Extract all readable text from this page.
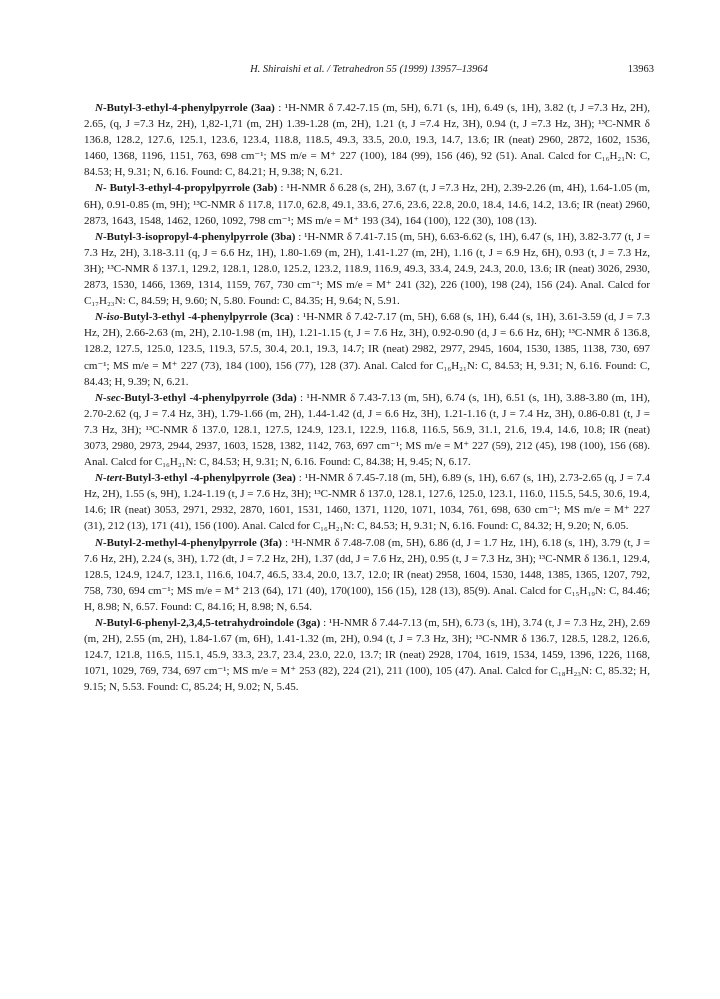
H. Shiraishi et al. / Tetrahedron 55 (1999) 13957–13964	13963

N-Butyl-3-ethyl-4-phenylpyrrole (3aa) : ¹H-NMR δ 7.42-7.15 (m, 5H), 6.71 (s, 1H), 6.49 (s, 1H), 3.82 (t, J =7.3 Hz, 2H), 2.65, (q, J =7.3 Hz, 2H), 1,82-1,71 (m, 2H) 1.39-1.28 (m, 2H), 1.21 (t, J =7.4 Hz, 3H), 0.94 (t, J =7.3 Hz, 3H); ¹³C-NMR δ 136.8, 128.2, 127.6, 125.1, 123.6, 123.4, 118.8, 118.5, 49.3, 33.5, 20.0, 19.3, 14.7, 13.6; IR (neat) 2960, 2872, 1602, 1536, 1460, 1368, 1196, 1151, 763, 698 cm⁻¹; MS m/e = M⁺ 227 (100), 184 (99), 156 (46), 92 (51). Anal. Calcd for C₁₆H₂₁N: C, 84.53; H, 9.31; N, 6.16. Found: C, 84.21; H, 9.38; N, 6.21.

N- Butyl-3-ethyl-4-propylpyrrole (3ab) : ¹H-NMR δ 6.28 (s, 2H), 3.67 (t, J =7.3 Hz, 2H), 2.39-2.26 (m, 4H), 1.64-1.05 (m, 6H), 0.91-0.85 (m, 9H); ¹³C-NMR δ 117.8, 117.0, 62.8, 49.1, 33.6, 27.6, 23.6, 22.8, 20.0, 18.4, 14.6, 14.2, 13.6; IR (neat) 2960, 2873, 1643, 1548, 1462, 1260, 1092, 798 cm⁻¹; MS m/e = M⁺ 193 (34), 164 (100), 122 (30), 108 (13).

N-Butyl-3-isopropyl-4-phenylpyrrole (3ba) : ¹H-NMR δ 7.41-7.15 (m, 5H), 6.63-6.62 (s, 1H), 6.47 (s, 1H), 3.82-3.77 (t, J = 7.3 Hz, 2H), 3.18-3.11 (q, J = 6.6 Hz, 1H), 1.80-1.69 (m, 2H), 1.41-1.27 (m, 2H), 1.16 (t, J = 6.9 Hz, 6H), 0.93 (t, J = 7.3 Hz, 3H); ¹³C-NMR δ 137.1, 129.2, 128.1, 128.0, 125.2, 123.2, 118.9, 116.9, 49.3, 33.4, 24.9, 24.3, 20.0, 13.6; IR (neat) 3026, 2930, 2873, 1530, 1466, 1369, 1314, 1159, 767, 730 cm⁻¹; MS m/e = M⁺ 241 (32), 226 (100), 198 (24), 156 (24). Anal. Calcd for C₁₇H₂₃N: C, 84.59; H, 9.60; N, 5.80. Found: C, 84.35; H, 9.64; N, 5.91.

N-iso-Butyl-3-ethyl -4-phenylpyrrole (3ca) : ¹H-NMR δ 7.42-7.17 (m, 5H), 6.68 (s, 1H), 6.44 (s, 1H), 3.61-3.59 (d, J = 7.3 Hz, 2H), 2.66-2.63 (m, 2H), 2.10-1.98 (m, 1H), 1.21-1.15 (t, J = 7.6 Hz, 3H), 0.92-0.90 (d, J = 6.6 Hz, 6H); ¹³C-NMR δ 136.8, 128.2, 127.5, 125.0, 123.5, 119.3, 57.5, 30.4, 20.1, 19.3, 14.7; IR (neat) 2982, 2977, 2945, 1604, 1530, 1385, 1138, 730, 697 cm⁻¹; MS m/e = M⁺ 227 (73), 184 (100), 156 (77), 128 (37). Anal. Calcd for C₁₆H₂₁N: C, 84.53; H, 9.31; N, 6.16. Found: C, 84.43; H, 9.39; N, 6.21.

N-sec-Butyl-3-ethyl -4-phenylpyrrole (3da) : ¹H-NMR δ 7.43-7.13 (m, 5H), 6.74 (s, 1H), 6.51 (s, 1H), 3.88-3.80 (m, 1H), 2.70-2.62 (q, J = 7.4 Hz, 3H), 1.79-1.66 (m, 2H), 1.44-1.42 (d, J = 6.6 Hz, 3H), 1.21-1.16 (t, J = 7.4 Hz, 3H), 0.86-0.81 (t, J = 7.3 Hz, 3H); ¹³C-NMR δ 137.0, 128.1, 127.5, 124.9, 123.1, 122.9, 116.8, 116.5, 56.9, 31.1, 21.6, 19.4, 14.6, 10.8; IR (neat) 3073, 2980, 2973, 2944, 2937, 1603, 1528, 1382, 1142, 763, 697 cm⁻¹; MS m/e = M⁺ 227 (59), 212 (45), 198 (100), 156 (68). Anal. Calcd for C₁₆H₂₁N: C, 84.53; H, 9.31; N, 6.16. Found: C, 84.38; H, 9.45; N, 6.17.

N-tert-Butyl-3-ethyl -4-phenylpyrrole (3ea) : ¹H-NMR δ 7.45-7.18 (m, 5H), 6.89 (s, 1H), 6.67 (s, 1H), 2.73-2.65 (q, J = 7.4 Hz, 2H), 1.55 (s, 9H), 1.24-1.19 (t, J = 7.6 Hz, 3H); ¹³C-NMR δ 137.0, 128.1, 127.6, 125.0, 123.1, 116.0, 115.5, 54.5, 30.6, 19.4, 14.6; IR (neat) 3053, 2971, 2932, 2870, 1601, 1531, 1460, 1371, 1120, 1071, 1034, 761, 698, 630 cm⁻¹; MS m/e = M⁺ 227 (31), 212 (13), 171 (41), 156 (100). Anal. Calcd for C₁₆H₂₁N: C, 84.53; H, 9.31; N, 6.16. Found: C, 84.32; H, 9.20; N, 6.05.

N-Butyl-2-methyl-4-phenylpyrrole (3fa) : ¹H-NMR δ 7.48-7.08 (m, 5H), 6.86 (d, J = 1.7 Hz, 1H), 6.18 (s, 1H), 3.79 (t, J = 7.6 Hz, 2H), 2.24 (s, 3H), 1.72 (dt, J = 7.2 Hz, 2H), 1.37 (dd, J = 7.6 Hz, 2H), 0.95 (t, J = 7.3 Hz, 3H); ¹³C-NMR δ 136.1, 129.4, 128.5, 124.9, 124.7, 123.1, 116.6, 104.7, 46.5, 33.4, 20.0, 13.7, 12.0; IR (neat) 2958, 1604, 1530, 1448, 1385, 1365, 1207, 792, 758, 730, 694 cm⁻¹; MS m/e = M⁺ 213 (64), 171 (40), 170(100), 156 (15), 128 (13), 85(9). Anal. Calcd for C₁₅H₁₉N: C, 84.46; H, 8.98; N, 6.57. Found: C, 84.16; H, 8.98; N, 6.54.

N-Butyl-6-phenyl-2,3,4,5-tetrahydroindole (3ga) : ¹H-NMR δ 7.44-7.13 (m, 5H), 6.73 (s, 1H), 3.74 (t, J = 7.3 Hz, 2H), 2.69 (m, 2H), 2.55 (m, 2H), 1.84-1.67 (m, 6H), 1.41-1.32 (m, 2H), 0.94 (t, J = 7.3 Hz, 3H); ¹³C-NMR δ 136.7, 128.5, 128.2, 126.6, 124.7, 121.8, 116.5, 115.1, 45.9, 33.3, 23.7, 23.4, 23.0, 22.0, 13.7; IR (neat) 2928, 1704, 1619, 1534, 1459, 1396, 1226, 1168, 1071, 1029, 769, 734, 697 cm⁻¹; MS m/e = M⁺ 253 (82), 224 (21), 211 (100), 105 (47). Anal. Calcd for C₁₈H₂₃N: C, 85.32; H, 9.15; N, 5.53. Found: C, 85.24; H, 9.02; N, 5.45.
